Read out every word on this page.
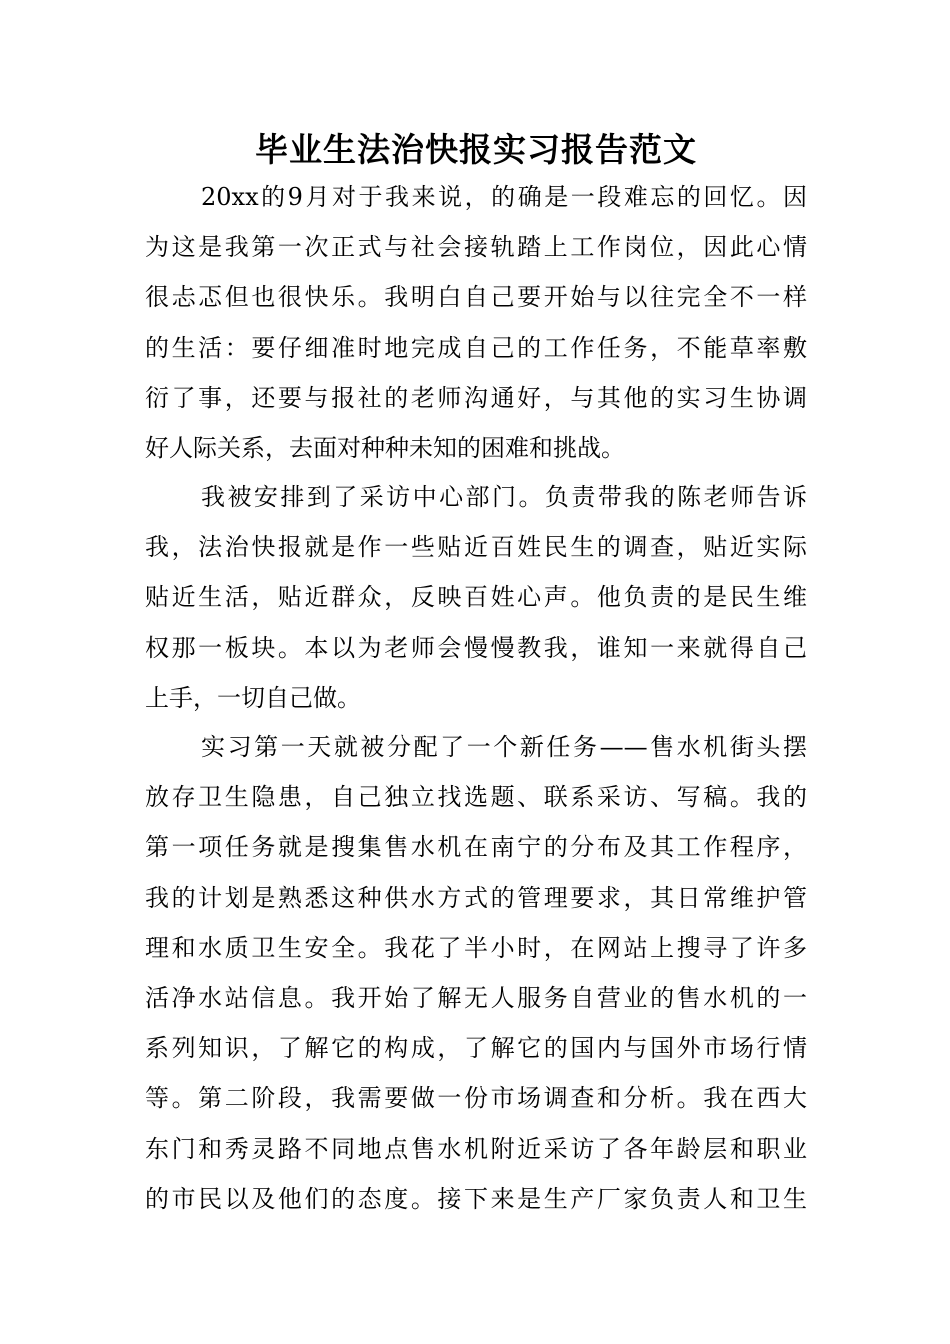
毕业生法治快报实习报告范文
20xx的9月对于我来说，的确是一段难忘的回忆。因
为这是我第一次正式与社会接轨踏上工作岗位，因此心情
很忐忑但也很快乐。我明白自己要开始与以往完全不一样
的生活：要仔细准时地完成自己的工作任务，不能草率敷
衍了事，还要与报社的老师沟通好，与其他的实习生协调
好人际关系，去面对种种未知的困难和挑战。
我被安排到了采访中心部门。负责带我的陈老师告诉
我，法治快报就是作一些贴近百姓民生的调查，贴近实际
贴近生活，贴近群众，反映百姓心声。他负责的是民生维
权那一板块。本以为老师会慢慢教我，谁知一来就得自己
上手，一切自己做。
实习第一天就被分配了一个新任务——售水机街头摆
放存卫生隐患，自己独立找选题、联系采访、写稿。我的
第一项任务就是搜集售水机在南宁的分布及其工作程序，
我的计划是熟悉这种供水方式的管理要求，其日常维护管
理和水质卫生安全。我花了半小时，在网站上搜寻了许多
活净水站信息。我开始了解无人服务自营业的售水机的一
系列知识，了解它的构成，了解它的国内与国外市场行情
等。第二阶段，我需要做一份市场调查和分析。我在西大
东门和秀灵路不同地点售水机附近采访了各年龄层和职业
的市民以及他们的态度。接下来是生产厂家负责人和卫生
